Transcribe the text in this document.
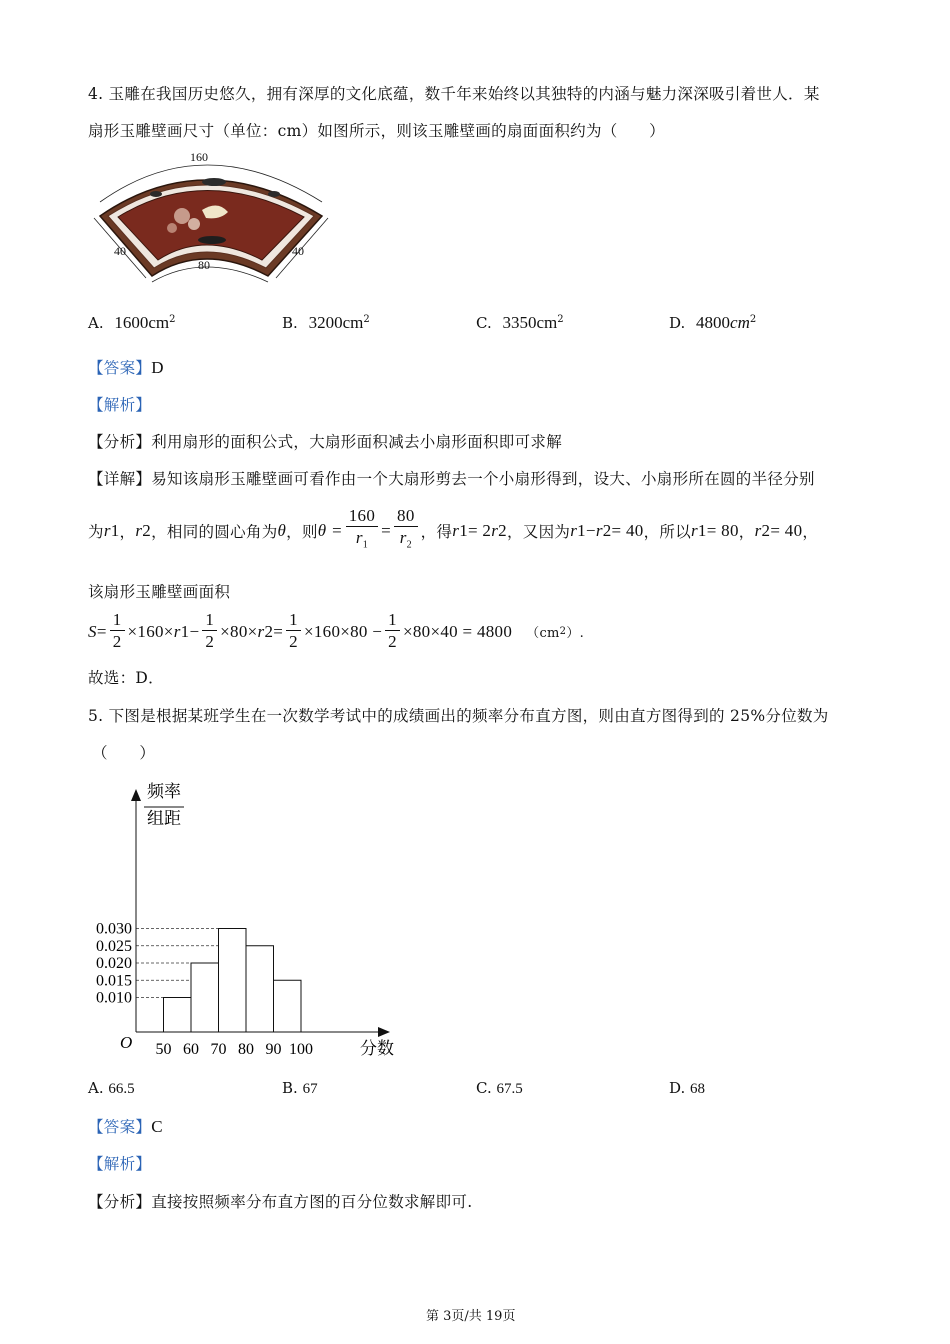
4. 玉雕在我国历史悠久，拥有深厚的文化底蕴，数千年来始终以其独特的内涵与魅力深深吸引着世人．某
扇形玉雕壁画尺寸（单位：cm）如图所示，则该玉雕壁画的扇面面积约为（　　）
160
40
80
40
A. $1600cm^2$	B. $3200cm^2$	C. $3350cm^2$	D. $4800cm^2$
【答案】D
【解析】
【分析】利用扇形的面积公式，大扇形面积减去小扇形面积即可求解
【详解】易知该扇形玉雕壁画可看作由一个大扇形剪去一个小扇形得到，设大、小扇形所在圆的半径分别
为 r 1 ， r 2 ，相同的圆心角为 θ ，则 $\theta = \frac{160}{r_1} = \frac{80}{r_2}$ ，得 r 1 = 2 r 2 ，又因为 r 1 − r 2 = 40 ，所以 r 1 = 80 ， r 2 = 40 ，
该扇形玉雕壁画面积
$S = \frac{1}{2} \times 160\times r$ $1 - \frac{1}{2} \times 80\times r$ $2 = \frac{1}{2} \times 160\times 80 - \frac{1}{2} \times 80\times 40 = 4800$ （cm 2 ）.
故选：D．
5. 下图是根据某班学生在一次数学考试中的成绩画出的频率分布直方图，则由直方图得到的 25%分位数为
（　　）
频率
组距
O	分数
50 60 70 80 90 100
0.010
0.015
0.020
0.025
0.030
A. 66.5	B. 67	C. 67.5	D. 68
【答案】C
【解析】
【分析】直接按照频率分布直方图的百分位数求解即可.
第 3页/共 19页
